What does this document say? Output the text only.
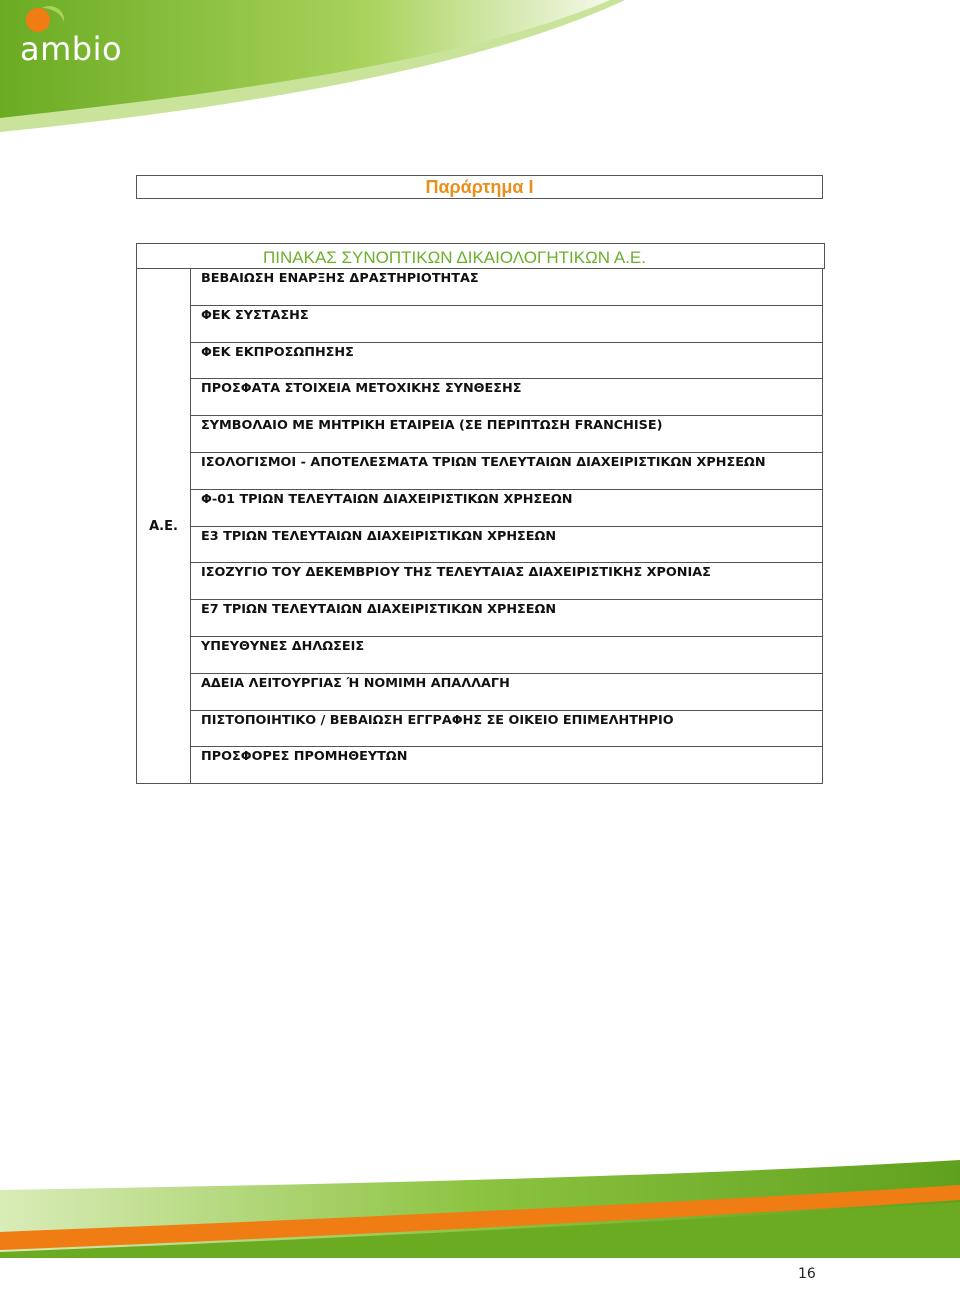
ambio
Παράρτημα Ι
ΠΙΝΑΚΑΣ ΣΥΝΟΠΤΙΚΩΝ ΔΙΚΑΙΟΛΟΓΗΤΙΚΩΝ Α.Ε.
Α.Ε.
ΒΕΒΑΙΩΣΗ ΕΝΑΡΞΗΣ ΔΡΑΣΤΗΡΙΟΤΗΤΑΣ
ΦΕΚ ΣΥΣΤΑΣΗΣ
ΦΕΚ ΕΚΠΡΟΣΩΠΗΣΗΣ
ΠΡΟΣΦΑΤΑ ΣΤΟΙΧΕΙΑ ΜΕΤΟΧΙΚΗΣ ΣΥΝΘΕΣΗΣ
ΣΥΜΒΟΛΑΙΟ ΜΕ ΜΗΤΡΙΚΗ ΕΤΑΙΡΕΙΑ (ΣΕ ΠΕΡΙΠΤΩΣΗ FRANCHISE)
ΙΣΟΛΟΓΙΣΜΟΙ - ΑΠΟΤΕΛΕΣΜΑΤΑ ΤΡΙΩΝ ΤΕΛΕΥΤΑΙΩΝ ΔΙΑΧΕΙΡΙΣΤΙΚΩΝ ΧΡΗΣΕΩΝ
Φ-01 ΤΡΙΩΝ ΤΕΛΕΥΤΑΙΩΝ ΔΙΑΧΕΙΡΙΣΤΙΚΩΝ ΧΡΗΣΕΩΝ
Ε3 ΤΡΙΩΝ ΤΕΛΕΥΤΑΙΩΝ ΔΙΑΧΕΙΡΙΣΤΙΚΩΝ ΧΡΗΣΕΩΝ
ΙΣΟΖΥΓΙΟ ΤΟΥ ΔΕΚΕΜΒΡΙΟΥ ΤΗΣ ΤΕΛΕΥΤΑΙΑΣ ΔΙΑΧΕΙΡΙΣΤΙΚΗΣ ΧΡΟΝΙΑΣ
Ε7 ΤΡΙΩΝ ΤΕΛΕΥΤΑΙΩΝ ΔΙΑΧΕΙΡΙΣΤΙΚΩΝ ΧΡΗΣΕΩΝ
ΥΠΕΥΘΥΝΕΣ ΔΗΛΩΣΕΙΣ
ΑΔΕΙΑ ΛΕΙΤΟΥΡΓΙΑΣ Ή ΝΟΜΙΜΗ ΑΠΑΛΛΑΓΗ
ΠΙΣΤΟΠΟΙΗΤΙΚΟ / ΒΕΒΑΙΩΣΗ ΕΓΓΡΑΦΗΣ ΣΕ ΟΙΚΕΙΟ ΕΠΙΜΕΛΗΤΗΡΙΟ
ΠΡΟΣΦΟΡΕΣ ΠΡΟΜΗΘΕΥΤΩΝ
16
